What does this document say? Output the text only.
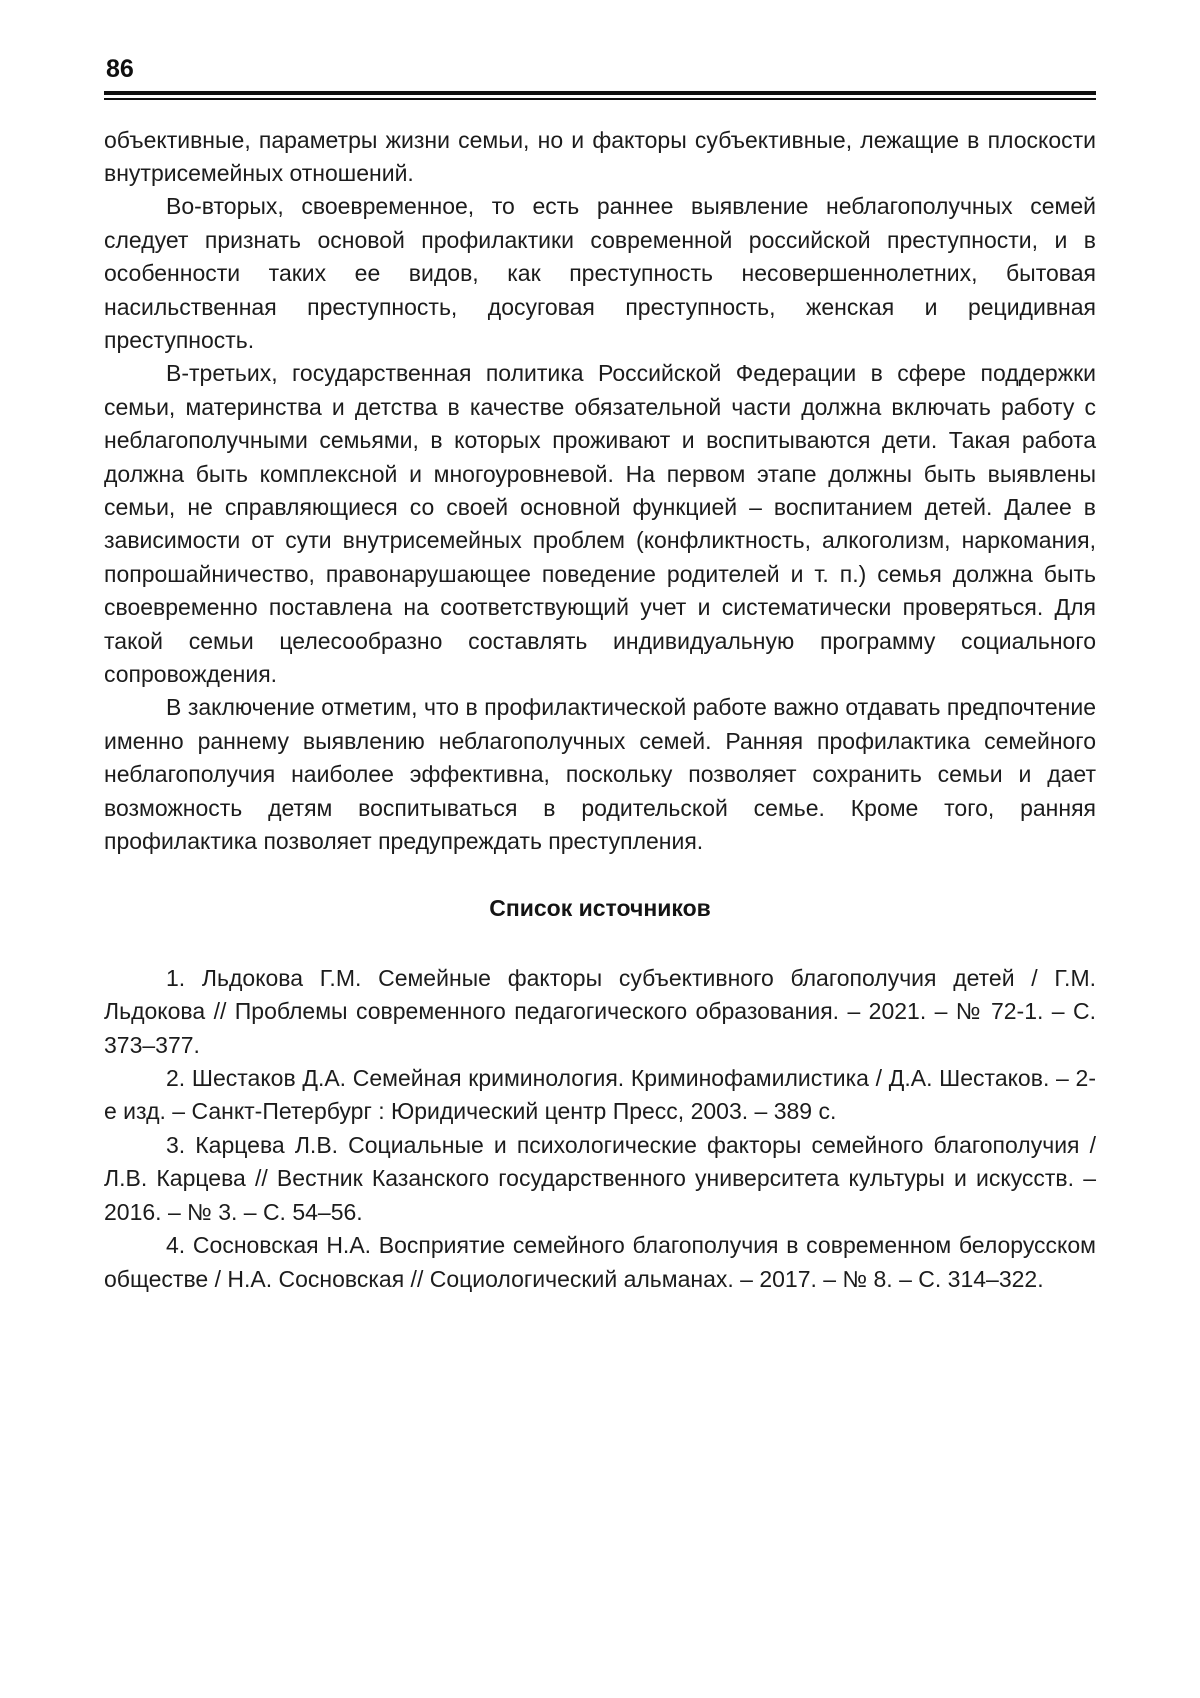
86

объективные, параметры жизни семьи, но и факторы субъективные, лежащие в плоскости внутрисемейных отношений.

Во-вторых, своевременное, то есть раннее выявление неблагополучных семей следует признать основой профилактики современной российской преступности, и в особенности таких ее видов, как преступность несовершеннолетних, бытовая насильственная преступность, досуговая преступность, женская и рецидивная преступность.

В-третьих, государственная политика Российской Федерации в сфере поддержки семьи, материнства и детства в качестве обязательной части должна включать работу с неблагополучными семьями, в которых проживают и воспитываются дети. Такая работа должна быть комплексной и многоуровневой. На первом этапе должны быть выявлены семьи, не справляющиеся со своей основной функцией – воспитанием детей. Далее в зависимости от сути внутрисемейных проблем (конфликтность, алкоголизм, наркомания, попрошайничество, правонарушающее поведение родителей и т. п.) семья должна быть своевременно поставлена на соответствующий учет и систематически проверяться. Для такой семьи целесообразно составлять индивидуальную программу социального сопровождения.

В заключение отметим, что в профилактической работе важно отдавать предпочтение именно раннему выявлению неблагополучных семей. Ранняя профилактика семейного неблагополучия наиболее эффективна, поскольку позволяет сохранить семьи и дает возможность детям воспитываться в родительской семье. Кроме того, ранняя профилактика позволяет предупреждать преступления.

Список источников

1. Льдокова Г.М. Семейные факторы субъективного благополучия детей / Г.М. Льдокова // Проблемы современного педагогического образования. – 2021. – № 72-1. – С. 373–377.

2. Шестаков Д.А. Семейная криминология. Криминофамилистика / Д.А. Шестаков. – 2-е изд. – Санкт-Петербург : Юридический центр Пресс, 2003. – 389 с.

3. Карцева Л.В. Социальные и психологические факторы семейного благополучия / Л.В. Карцева // Вестник Казанского государственного университета культуры и искусств. – 2016. – № 3. – С. 54–56.

4. Сосновская Н.А. Восприятие семейного благополучия в современном белорусском обществе / Н.А. Сосновская // Социологический альманах. – 2017. – № 8. – С. 314–322.
